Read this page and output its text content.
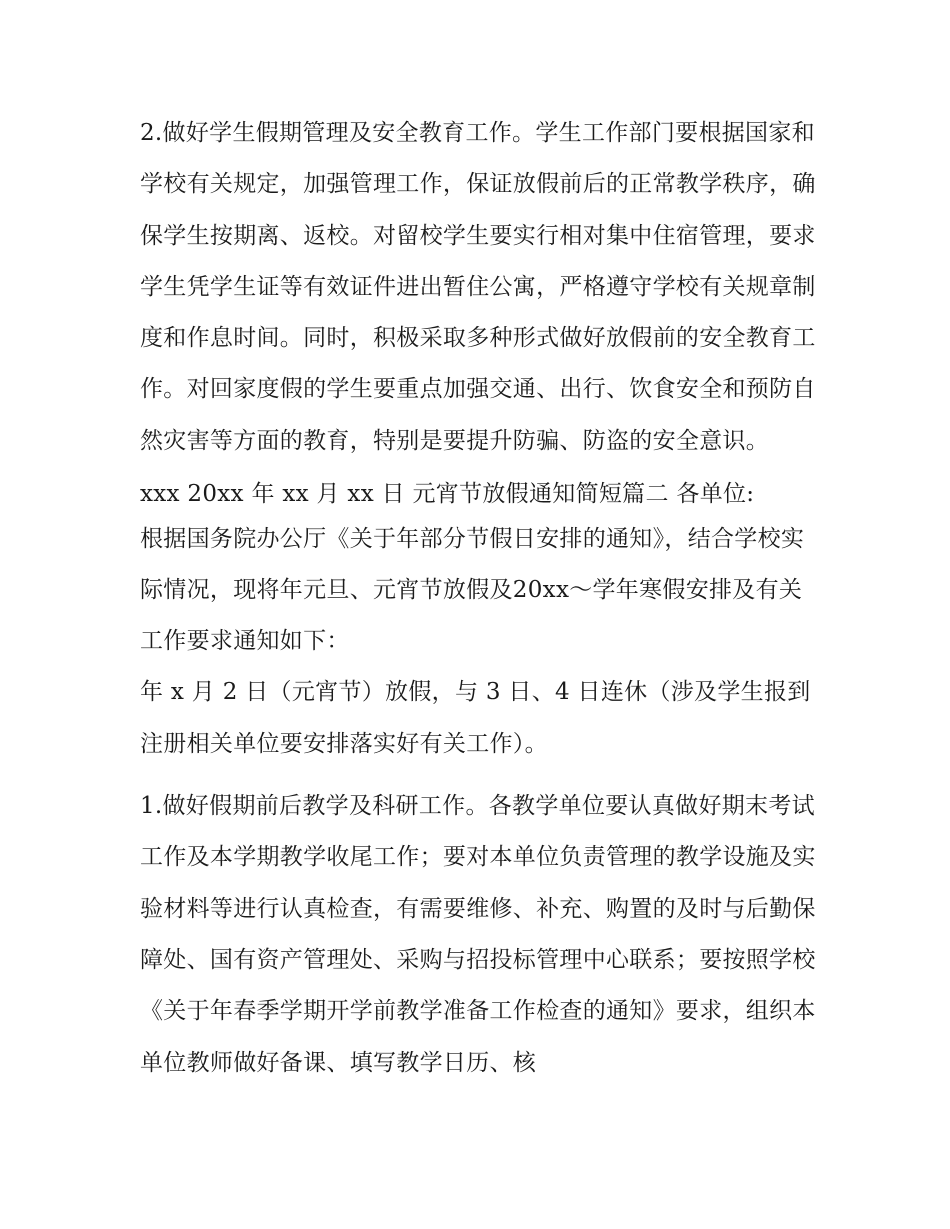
2.做好学生假期管理及安全教育工作。学生工作部门要根据国家和学校有关规定，加强管理工作，保证放假前后的正常教学秩序，确保学生按期离、返校。对留校学生要实行相对集中住宿管理，要求学生凭学生证等有效证件进出暂住公寓，严格遵守学校有关规章制度和作息时间。同时，积极采取多种形式做好放假前的安全教育工作。对回家度假的学生要重点加强交通、出行、饮食安全和预防自然灾害等方面的教育，特别是要提升防骗、防盗的安全意识。

xxx 20xx 年 xx 月 xx 日 元宵节放假通知简短篇二 各单位:

根据国务院办公厅《关于年部分节假日安排的通知》，结合学校实际情况，现将年元旦、元宵节放假及20xx～学年寒假安排及有关工作要求通知如下：

年 x 月 2 日（元宵节）放假，与 3 日、4 日连休（涉及学生报到注册相关单位要安排落实好有关工作）。

1.做好假期前后教学及科研工作。各教学单位要认真做好期末考试工作及本学期教学收尾工作；要对本单位负责管理的教学设施及实验材料等进行认真检查，有需要维修、补充、购置的及时与后勤保障处、国有资产管理处、采购与招投标管理中心联系；要按照学校《关于年春季学期开学前教学准备工作检查的通知》要求，组织本单位教师做好备课、填写教学日历、核
